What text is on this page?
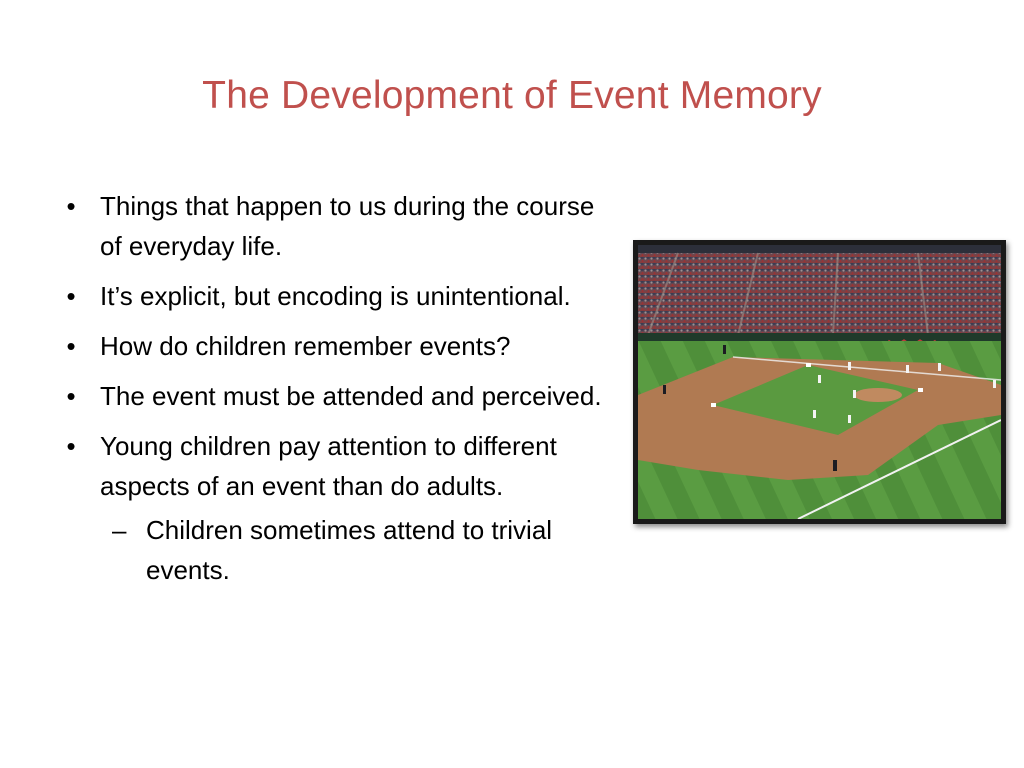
The Development of Event Memory
• Things that happen to us during the course of everyday life.
• It’s explicit, but encoding is unintentional.
• How do children remember events?
• The event must be attended and perceived.
• Young children pay attention to different aspects of an event than do adults.
– Children sometimes attend to trivial events.
